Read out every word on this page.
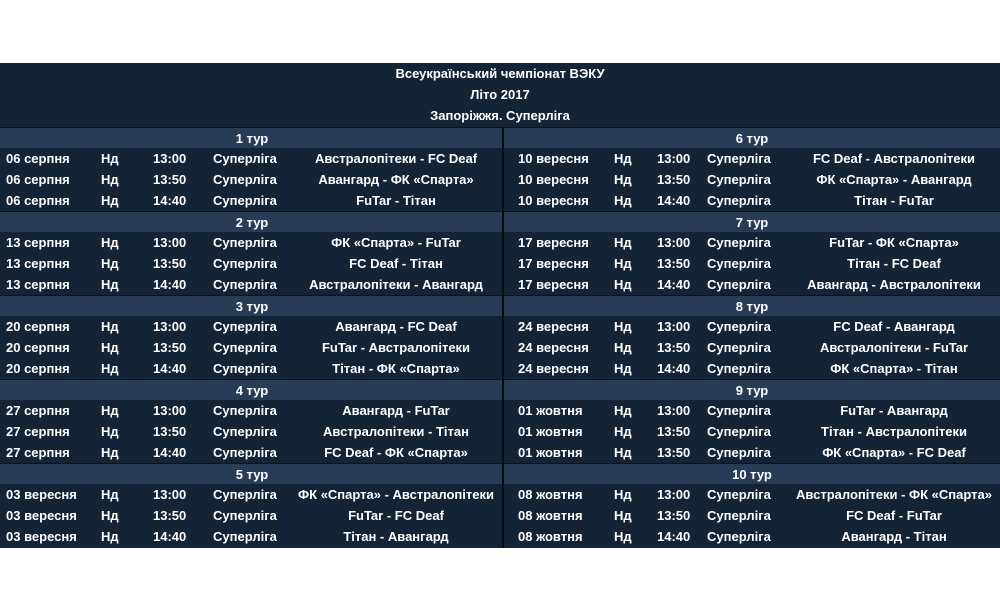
Всеукраїнський чемпіонат ВЭКУ
Літо 2017
Запоріжжя. Суперліга
1 тур
06 серпня Нд	13:00 Суперліга	Австралопітеки - FC Deaf
06 серпня Нд	13:50 Суперліга	Авангард - ФК «Спарта»
06 серпня Нд	14:40 Суперліга	FuTar - Тітан
2 тур
13 серпня Нд	13:00 Суперліга	ФК «Спарта» - FuTar
13 серпня Нд	13:50 Суперліга	FC Deaf - Тітан
13 серпня Нд	14:40 Суперліга	Австралопітеки - Авангард
3 тур
20 серпня Нд	13:00 Суперліга	Авангард - FC Deaf
20 серпня Нд	13:50 Суперліга	FuTar - Австралопітеки
20 серпня Нд	14:40 Суперліга	Тітан - ФК «Спарта»
4 тур
27 серпня Нд	13:00 Суперліга	Авангард - FuTar
27 серпня Нд	13:50 Суперліга	Австралопітеки - Тітан
27 серпня Нд	14:40 Суперліга	FC Deaf - ФК «Спарта»
5 тур
03 вересня Нд	13:00 Суперліга	ФК «Спарта» - Австралопітеки
03 вересня Нд	13:50 Суперліга	FuTar - FC Deaf
03 вересня Нд	14:40 Суперліга	Тітан - Авангард
6 тур
10 вересня Нд 13:00 Суперліга	FC Deaf - Австралопітеки
10 вересня Нд 13:50 Суперліга	ФК «Спарта» - Авангард
10 вересня Нд 14:40 Суперліга	Тітан - FuTar
7 тур
17 вересня Нд 13:00 Суперліга	FuTar - ФК «Спарта»
17 вересня Нд 13:50 Суперліга	Тітан - FC Deaf
17 вересня Нд 14:40 Суперліга	Авангард - Австралопітеки
8 тур
24 вересня Нд 13:00 Суперліга	FC Deaf - Авангард
24 вересня Нд 13:50 Суперліга	Австралопітеки - FuTar
24 вересня Нд 14:40 Суперліга	ФК «Спарта» - Тітан
9 тур
01 жовтня Нд 13:00 Суперліга	FuTar - Авангард
01 жовтня Нд 13:50 Суперліга	Тітан - Австралопітеки
01 жовтня Нд 13:50 Суперліга	ФК «Спарта» - FC Deaf
10 тур
08 жовтня Нд 13:00 Суперліга	Австралопітеки - ФК «Спарта»
08 жовтня Нд 13:50 Суперліга	FC Deaf - FuTar
08 жовтня Нд 14:40 Суперліга	Авангард - Тітан
